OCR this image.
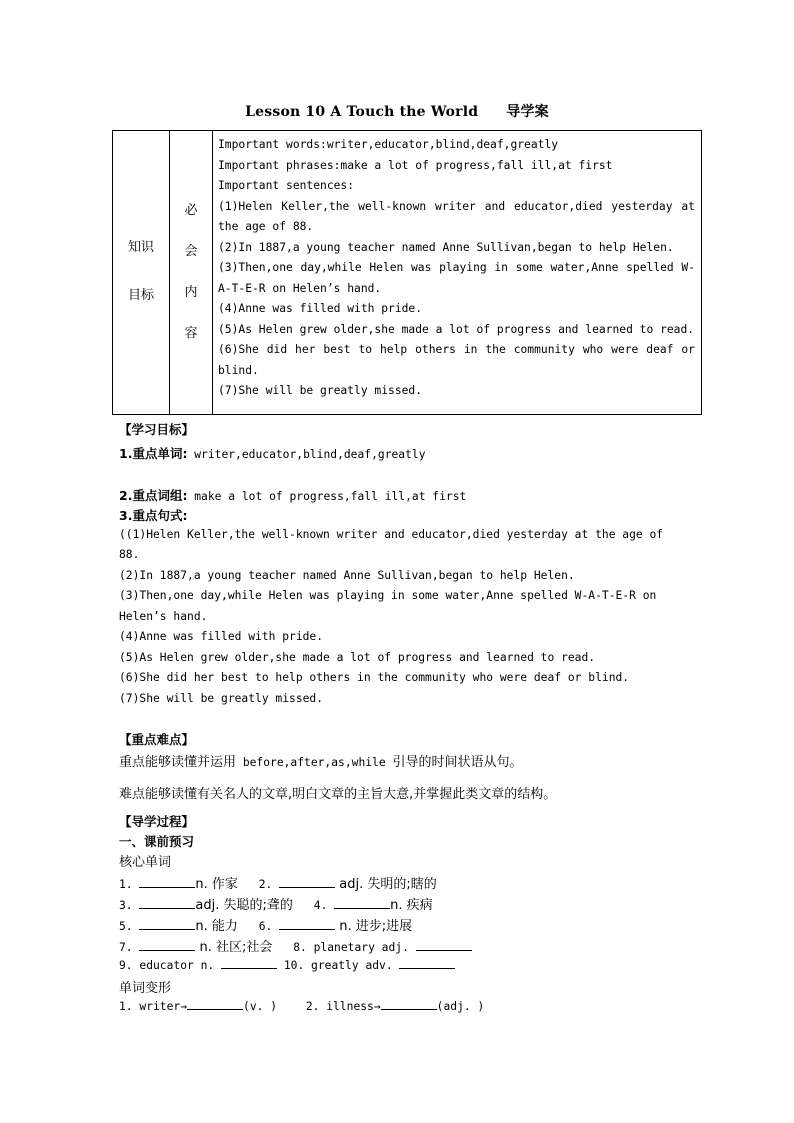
Lesson 10 A Touch the World 导学案
知识
目标

必
会
内
容

Important words:writer,educator,blind,deaf,greatly

Important phrases:make a lot of progress,fall ill,at first

Important sentences:

(1)Helen Keller,the well-known writer and educator,died yesterday at the age of 88.

(2)In 1887,a young teacher named Anne Sullivan,began to help Helen.

(3)Then,one day,while Helen was playing in some water,Anne spelled W-A-T-E-R on Helen’s hand.

(4)Anne was filled with pride.

(5)As Helen grew older,she made a lot of progress and learned to read.

(6)She did her best to help others in the community who were deaf or blind.

(7)She will be greatly missed.

【学习目标】
1.重点单词: writer,educator,blind,deaf,greatly
2.重点词组: make a lot of progress,fall ill,at first
3.重点句式:
((1)Helen Keller,the well-known writer and educator,died yesterday at the age of
88.
(2)In 1887,a young teacher named Anne Sullivan,began to help Helen.
(3)Then,one day,while Helen was playing in some water,Anne spelled W-A-T-E-R on
Helen’s hand.
(4)Anne was filled with pride.
(5)As Helen grew older,she made a lot of progress and learned to read.
(6)She did her best to help others in the community who were deaf or blind.
(7)She will be greatly missed.
【重点难点】
重点能够读懂并运用 before,after,as,while 引导的时间状语从句。
难点能够读懂有关名人的文章,明白文章的主旨大意,并掌握此类文章的结构。
【导学过程】
一、课前预习
核心单词
1.	n. 作家 2.	adj. 失明的;瞎的
3.	adj. 失聪的;聋的 4.	n. 疾病
5.	n. 能力 6.	n. 进步;进展
7.	n. 社区;社会 8. planetary adj.
9. educator n.	10. greatly adv.
单词变形
1. writer→	(v. )	2. illness→	(adj. )
